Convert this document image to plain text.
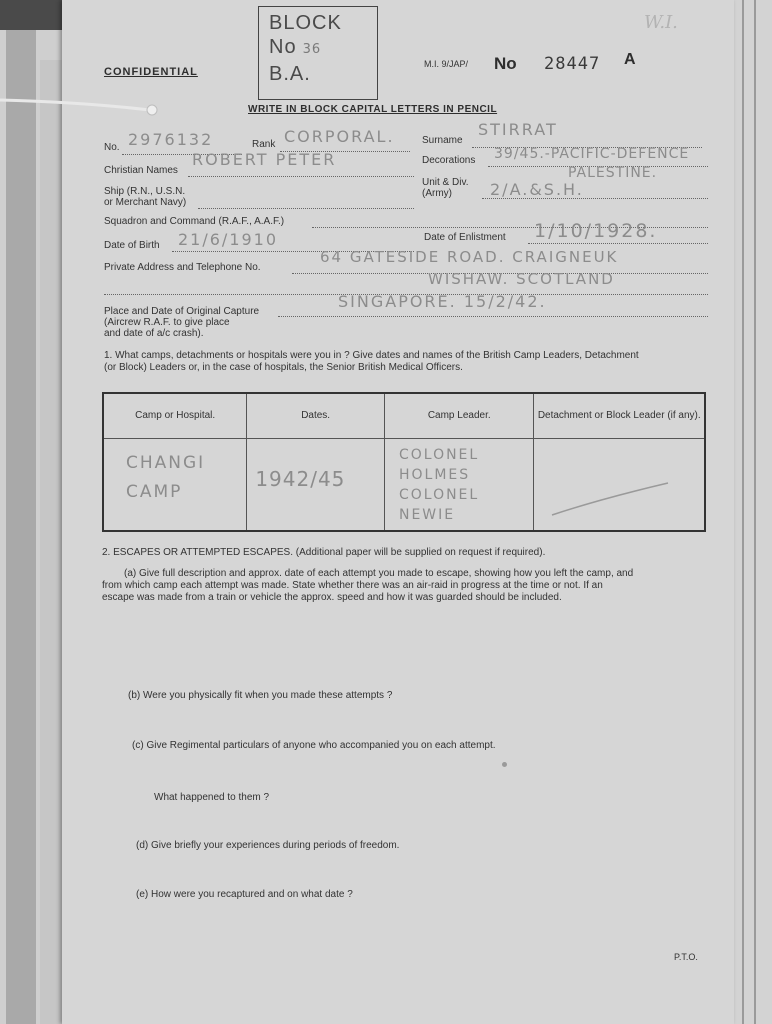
CONFIDENTIAL
BLOCK
No 36
B.A.	M.I. 9/JAP/ No 28447 A
W.I.
WRITE IN BLOCK CAPITAL LETTERS IN PENCIL
No. 2976132	Rank CORPORAL.	Surname
STIRRAT
Christian Names
ROBERT PETER	Decorations 39/45.-PACIFIC-DEFENCE
PALESTINE.
Ship (R.N., U.S.N.
or Merchant Navy)
Unit & Div.
(Army)	2/A.&S.H.
Squadron and Command (R.A.F., A.A.F.)
Date of Birth 21/6/1910	Date of Enlistment 1/10/1928.
Private Address and Telephone No.
64 GATESIDE ROAD. CRAIGNEUK
WISHAW. SCOTLAND
Place and Date of Original Capture
(Aircrew R.A.F. to give place
and date of a/c crash).
SINGAPORE. 15/2/42.
1. What camps, detachments or hospitals were you in ? Give dates and names of the British Camp Leaders, Detachment
(or Block) Leaders or, in the case of hospitals, the Senior British Medical Officers.
Camp or Hospital.	Dates.	Camp Leader.	Detachment or Block Leader (if any).

CHANGI CAMP	1942/45	COLONEL
HOLMES
COLONEL
NEWIE

2. ESCAPES OR ATTEMPTED ESCAPES. (Additional paper will be supplied on request if required).
(a) Give full description and approx. date of each attempt you made to escape, showing how you left the camp, and
from which camp each attempt was made. State whether there was an air-raid in progress at the time or not. If an
escape was made from a train or vehicle the approx. speed and how it was guarded should be included.
(b) Were you physically fit when you made these attempts ?
(c) Give Regimental particulars of anyone who accompanied you on each attempt.
What happened to them ?
(d) Give briefly your experiences during periods of freedom.
(e) How were you recaptured and on what date ?
P.T.O.
